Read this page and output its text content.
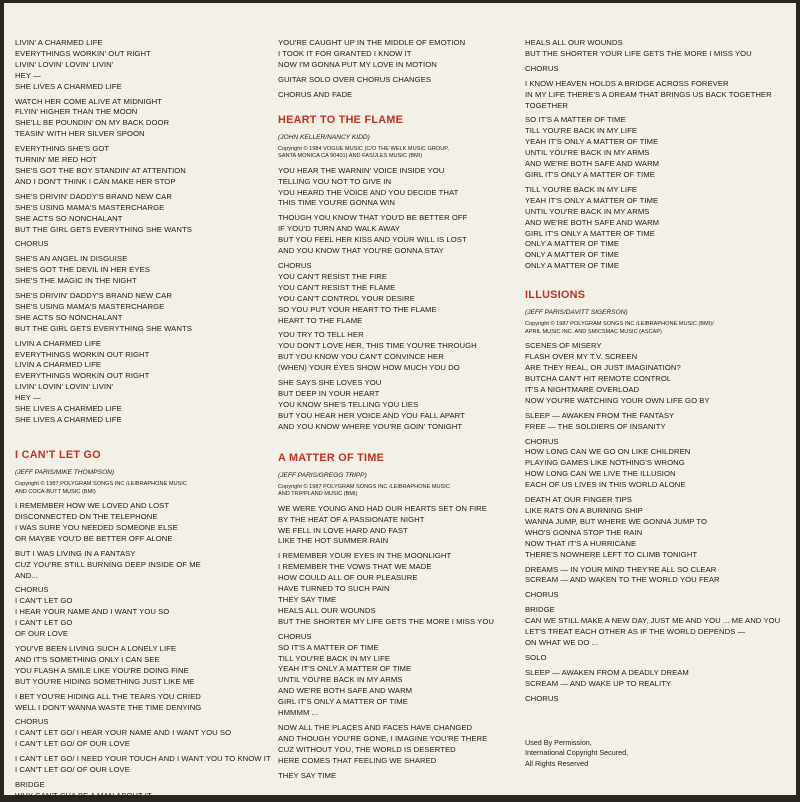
LIVIN' A CHARMED LIFE
EVERYTHINGS WORKIN' OUT RIGHT
LIVIN' LOVIN' LOVIN' LIVIN'
HEY —
SHE LIVES A CHARMED LIFE
WATCH HER COME ALIVE AT MIDNIGHT
FLYIN' HIGHER THAN THE MOON
SHE'LL BE POUNDIN' ON MY BACK DOOR
TEASIN' WITH HER SILVER SPOON
EVERYTHING SHE'S GOT
TURNIN' ME RED HOT
SHE'S GOT THE BOY STANDIN' AT ATTENTION
AND I DON'T THINK I CAN MAKE HER STOP
SHE'S DRIVIN' DADDY'S BRAND NEW CAR
SHE'S USING MAMA'S MASTERCHARGE
SHE ACTS SO NONCHALANT
BUT THE GIRL GETS EVERYTHING SHE WANTS
CHORUS
SHE'S AN ANGEL IN DISGUISE
SHE'S GOT THE DEVIL IN HER EYES
SHE'S THE MAGIC IN THE NIGHT
SHE'S DRIVIN' DADDY'S BRAND NEW CAR
SHE'S USING MAMA'S MASTERCHARGE
SHE ACTS SO NONCHALANT
BUT THE GIRL GETS EVERYTHING SHE WANTS
LIVIN A CHARMED LIFE
EVERYTHINGS WORKIN OUT RIGHT
LIVIN A CHARMED LIFE
EVERYTHINGS WORKIN OUT RIGHT
LIVIN' LOVIN' LOVIN' LIVIN'
HEY —
SHE LIVES A CHARMED LIFE
SHE LIVES A CHARMED LIFE
I CAN'T LET GO
(JEFF PARIS/MIKE THOMPSON)
Copyright © 1987 POLYGRAM SONGS INC /LEIBRAPHONE MUSIC
AND COCA-BUTT MUSIC (BMI)
I REMEMBER HOW WE LOVED AND LOST
DISCONNECTED ON THE TELEPHONE
I WAS SURE YOU NEEDED SOMEONE ELSE
OR MAYBE YOU'D BE BETTER OFF ALONE
BUT I WAS LIVING IN A FANTASY
CUZ YOU'RE STILL BURNING DEEP INSIDE OF ME
AND...
CHORUS
I CAN'T LET GO
I HEAR YOUR NAME AND I WANT YOU SO
I CAN'T LET GO
OF OUR LOVE
YOU'VE BEEN LIVING SUCH A LONELY LIFE
AND IT'S SOMETHING ONLY I CAN SEE
YOU FLASH A SMILE LIKE YOU'RE DOING FINE
BUT YOU'RE HIDING SOMETHING JUST LIKE ME
I BET YOU'RE HIDING ALL THE TEARS YOU CRIED
WELL I DON'T WANNA WASTE THE TIME DENYING
CHORUS
I CAN'T LET GO/ I HEAR YOUR NAME AND I WANT YOU SO
I CAN'T LET GO/ OF OUR LOVE
I CAN'T LET GO/ I NEED YOUR TOUCH AND I WANT YOU TO KNOW IT
I CAN'T LET GO/ OF OUR LOVE
BRIDGE
WHY CAN'T CHA BE A MAN ABOUT IT
YOU'RE CAUGHT UP IN THE MIDDLE OF EMOTION
I TOOK IT FOR GRANTED I KNOW IT
NOW I'M GONNA PUT MY LOVE IN MOTION
GUITAR SOLO OVER CHORUS CHANGES
CHORUS AND FADE
HEART TO THE FLAME
(JOHN KELLER/NANCY KIDD)
Copyright © 1984 VOGUE MUSIC (C/O THE WELK MUSIC GROUP,
SANTA MONICA CA 90401) AND FASULES MUSIC (BMI)
YOU HEAR THE WARNIN' VOICE INSIDE YOU
TELLING YOU NOT TO GIVE IN
YOU HEARD THE VOICE AND YOU DECIDE THAT
THIS TIME YOU'RE GONNA WIN
THOUGH YOU KNOW THAT YOU'D BE BETTER OFF
IF YOU'D TURN AND WALK AWAY
BUT YOU FEEL HER KISS AND YOUR WILL IS LOST
AND YOU KNOW THAT YOU'RE GONNA STAY
CHORUS
YOU CAN'T RESIST THE FIRE
YOU CAN'T RESIST THE FLAME
YOU CAN'T CONTROL YOUR DESIRE
SO YOU PUT YOUR HEART TO THE FLAME
HEART TO THE FLAME
YOU TRY TO TELL HER
YOU DON'T LOVE HER, THIS TIME YOU'RE THROUGH
BUT YOU KNOW YOU CAN'T CONVINCE HER
(WHEN) YOUR EYES SHOW HOW MUCH YOU DO
SHE SAYS SHE LOVES YOU
BUT DEEP IN YOUR HEART
YOU KNOW SHE'S TELLING YOU LIES
BUT YOU HEAR HER VOICE AND YOU FALL APART
AND YOU KNOW WHERE YOU'RE GOIN' TONIGHT
A MATTER OF TIME
(JEFF PARIS/GREGG TRIPP)
Copyright © 1987 POLYGRAM SONGS INC /LEIBRAPHONE MUSIC
AND TRIPPLAND MUSIC (BMI)
WE WERE YOUNG AND HAD OUR HEARTS SET ON FIRE
BY THE HEAT OF A PASSIONATE NIGHT
WE FELL IN LOVE HARD AND FAST
LIKE THE HOT SUMMER RAIN
I REMEMBER YOUR EYES IN THE MOONLIGHT
I REMEMBER THE VOWS THAT WE MADE
HOW COULD ALL OF OUR PLEASURE
HAVE TURNED TO SUCH PAIN
THEY SAY TIME
HEALS ALL OUR WOUNDS
BUT THE SHORTER MY LIFE GETS THE MORE I MISS YOU
CHORUS
SO IT'S A MATTER OF TIME
TILL YOU'RE BACK IN MY LIFE
YEAH IT'S ONLY A MATTER OF TIME
UNTIL YOU'RE BACK IN MY ARMS
AND WE'RE BOTH SAFE AND WARM
GIRL IT'S ONLY A MATTER OF TIME
HMMMM ...
NOW ALL THE PLACES AND FACES HAVE CHANGED
AND THOUGH YOU'RE GONE, I IMAGINE YOU'RE THERE
CUZ WITHOUT YOU, THE WORLD IS DESERTED
HERE COMES THAT FEELING WE SHARED
THEY SAY TIME
HEALS ALL OUR WOUNDS
BUT THE SHORTER YOUR LIFE GETS THE MORE I MISS YOU
CHORUS
I KNOW HEAVEN HOLDS A BRIDGE ACROSS FOREVER
IN MY LIFE THERE'S A DREAM THAT BRINGS US BACK TOGETHER
TOGETHER
SO IT'S A MATTER OF TIME
TILL YOU'RE BACK IN MY LIFE
YEAH IT'S ONLY A MATTER OF TIME
UNTIL YOU'RE BACK IN MY ARMS
AND WE'RE BOTH SAFE AND WARM
GIRL IT'S ONLY A MATTER OF TIME
TILL YOU'RE BACK IN MY LIFE
YEAH IT'S ONLY A MATTER OF TIME
UNTIL YOU'RE BACK IN MY ARMS
AND WE'RE BOTH SAFE AND WARM
GIRL IT'S ONLY A MATTER OF TIME
ONLY A MATTER OF TIME
ONLY A MATTER OF TIME
ONLY A MATTER OF TIME
ILLUSIONS
(JEFF PARIS/DAVITT SIGERSON)
Copyright © 1987 POLYGRAM SONGS INC /LEIBRAPHONE MUSIC (BMI)/
APRIL MUSIC INC. AND SMICSMAC MUSIC (ASCAP)
SCENES OF MISERY
FLASH OVER MY T.V. SCREEN
ARE THEY REAL, OR JUST IMAGINATION?
BUTCHA CAN'T HIT REMOTE CONTROL
IT'S A NIGHTMARE OVERLOAD
NOW YOU'RE WATCHING YOUR OWN LIFE GO BY
SLEEP — AWAKEN FROM THE FANTASY
FREE — THE SOLDIERS OF INSANITY
CHORUS
HOW LONG CAN WE GO ON LIKE CHILDREN
PLAYING GAMES LIKE NOTHING'S WRONG
HOW LONG CAN WE LIVE THE ILLUSION
EACH OF US LIVES IN THIS WORLD ALONE
DEATH AT OUR FINGER TIPS
LIKE RATS ON A BURNING SHIP
WANNA JUMP, BUT WHERE WE GONNA JUMP TO
WHO'S GONNA STOP THE RAIN
NOW THAT IT'S A HURRICANE
THERE'S NOWHERE LEFT TO CLIMB TONIGHT
DREAMS — IN YOUR MIND THEY'RE ALL SO CLEAR
SCREAM — AND WAKEN TO THE WORLD YOU FEAR
CHORUS
BRIDGE
CAN WE STILL MAKE A NEW DAY, JUST ME AND YOU ... ME AND YOU
LET'S TREAT EACH OTHER AS IF THE WORLD DEPENDS —
ON WHAT WE DO ...
SOLO
SLEEP — AWAKEN FROM A DEADLY DREAM
SCREAM — AND WAKE UP TO REALITY
CHORUS
Used By Permission,
International Copyright Secured,
All Rights Reserved
